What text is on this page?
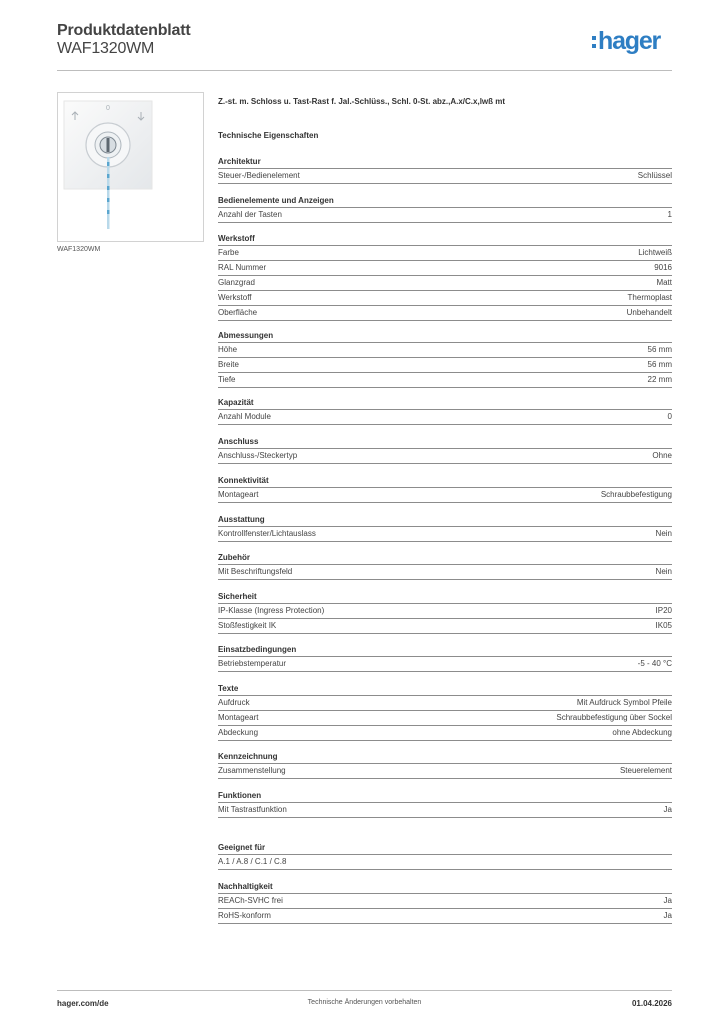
Produktdatenblatt
WAF1320WM	hager
0
WAF1320WM
Z.-st. m. Schloss u. Tast-Rast f. Jal.-Schlüss., Schl. 0-St. abz.,A.x/C.x,lwß mt
Technische Eigenschaften
Architektur
Steuer-/Bedienelement	Schlüssel
Bedienelemente und Anzeigen
Anzahl der Tasten	1
Werkstoff
Farbe	Lichtweiß
RAL Nummer	9016
Glanzgrad	Matt
Werkstoff	Thermoplast
Oberfläche	Unbehandelt
Abmessungen
Höhe	56 mm
Breite	56 mm
Tiefe	22 mm
Kapazität
Anzahl Module	0
Anschluss
Anschluss-/Steckertyp	Ohne
Konnektivität
Montageart	Schraubbefestigung
Ausstattung
Kontrollfenster/Lichtauslass	Nein
Zubehör
Mit Beschriftungsfeld	Nein
Sicherheit
IP-Klasse (Ingress Protection)	IP20
Stoßfestigkeit IK	IK05
Einsatzbedingungen
Betriebstemperatur	-5 - 40 °C
Texte
Aufdruck	Mit Aufdruck Symbol Pfeile
Montageart	Schraubbefestigung über Sockel
Abdeckung	ohne Abdeckung
Kennzeichnung
Zusammenstellung	Steuerelement
Funktionen
Mit Tastrastfunktion	Ja
Geeignet für
A.1 / A.8 / C.1 / C.8
Nachhaltigkeit
REACh-SVHC frei	Ja
RoHS-konform	Ja
hager.com/de	Technische Änderungen vorbehalten	01.04.2026
